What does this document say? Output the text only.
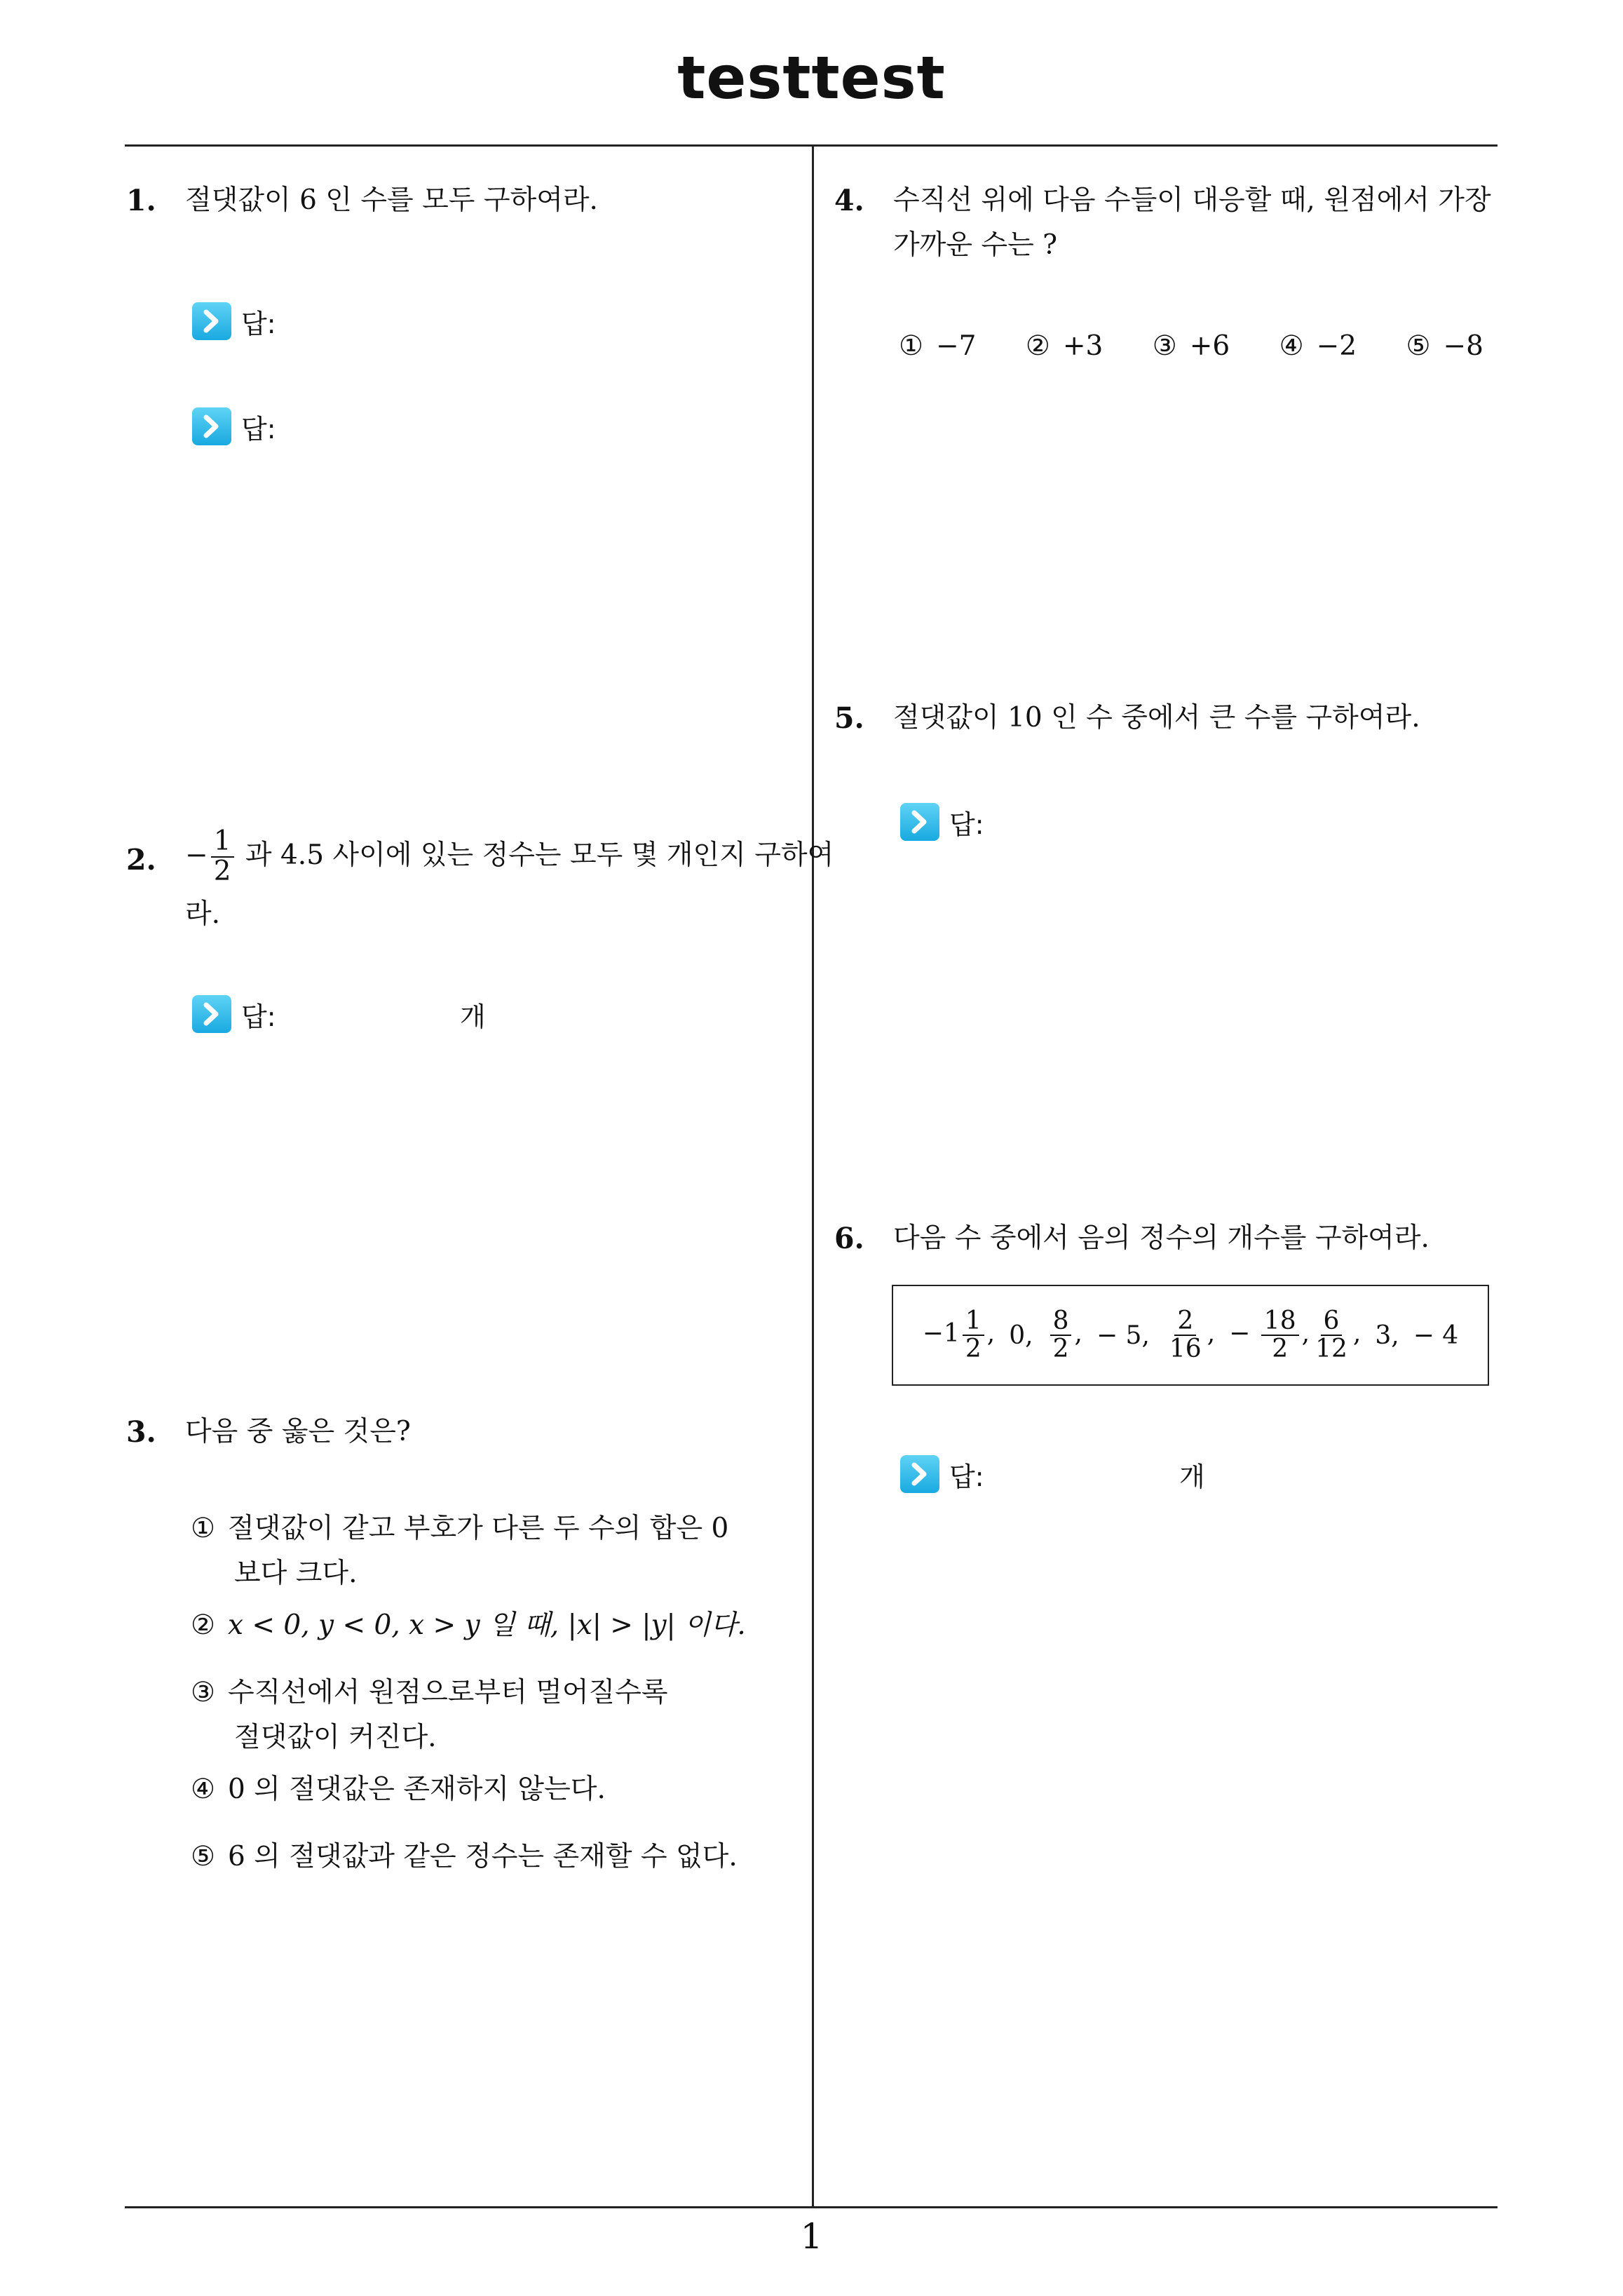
testtest
1
1. 절댓값이 6 인 수를 모두 구하여라.
답:
답:
2. − $\frac{1}{2}$ 과 4.5 사이에 있는 정수는 모두 몇 개인지 구하여
라.
답:	개
3. 다음 중 옳은 것은?
① 절댓값이 같고 부호가 다른 두 수의 합은 0
보다 크다.
② x < 0, y < 0, x > y 일 때, |x| > |y| 이다.
③ 수직선에서 원점으로부터 멀어질수록
절댓값이 커진다.
④ 0 의 절댓값은 존재하지 않는다.
⑤ 6 의 절댓값과 같은 정수는 존재할 수 없다.
4. 수직선 위에 다음 수들이 대응할 때, 원점에서 가장
가까운 수는 ?
① −7 ② +3 ③ +6 ④ −2 ⑤ −8
5. 절댓값이 10 인 수 중에서 큰 수를 구하여라.
답:
6. 다음 수 중에서 음의 정수의 개수를 구하여라.
$-1 \frac{1}{2}$ , 0, $\frac{8}{2}$ , − 5, $\frac{2}{16}$ , − $\frac{18}{2}$ , $\frac{6}{12}$ , 3, − 4
답:	개
